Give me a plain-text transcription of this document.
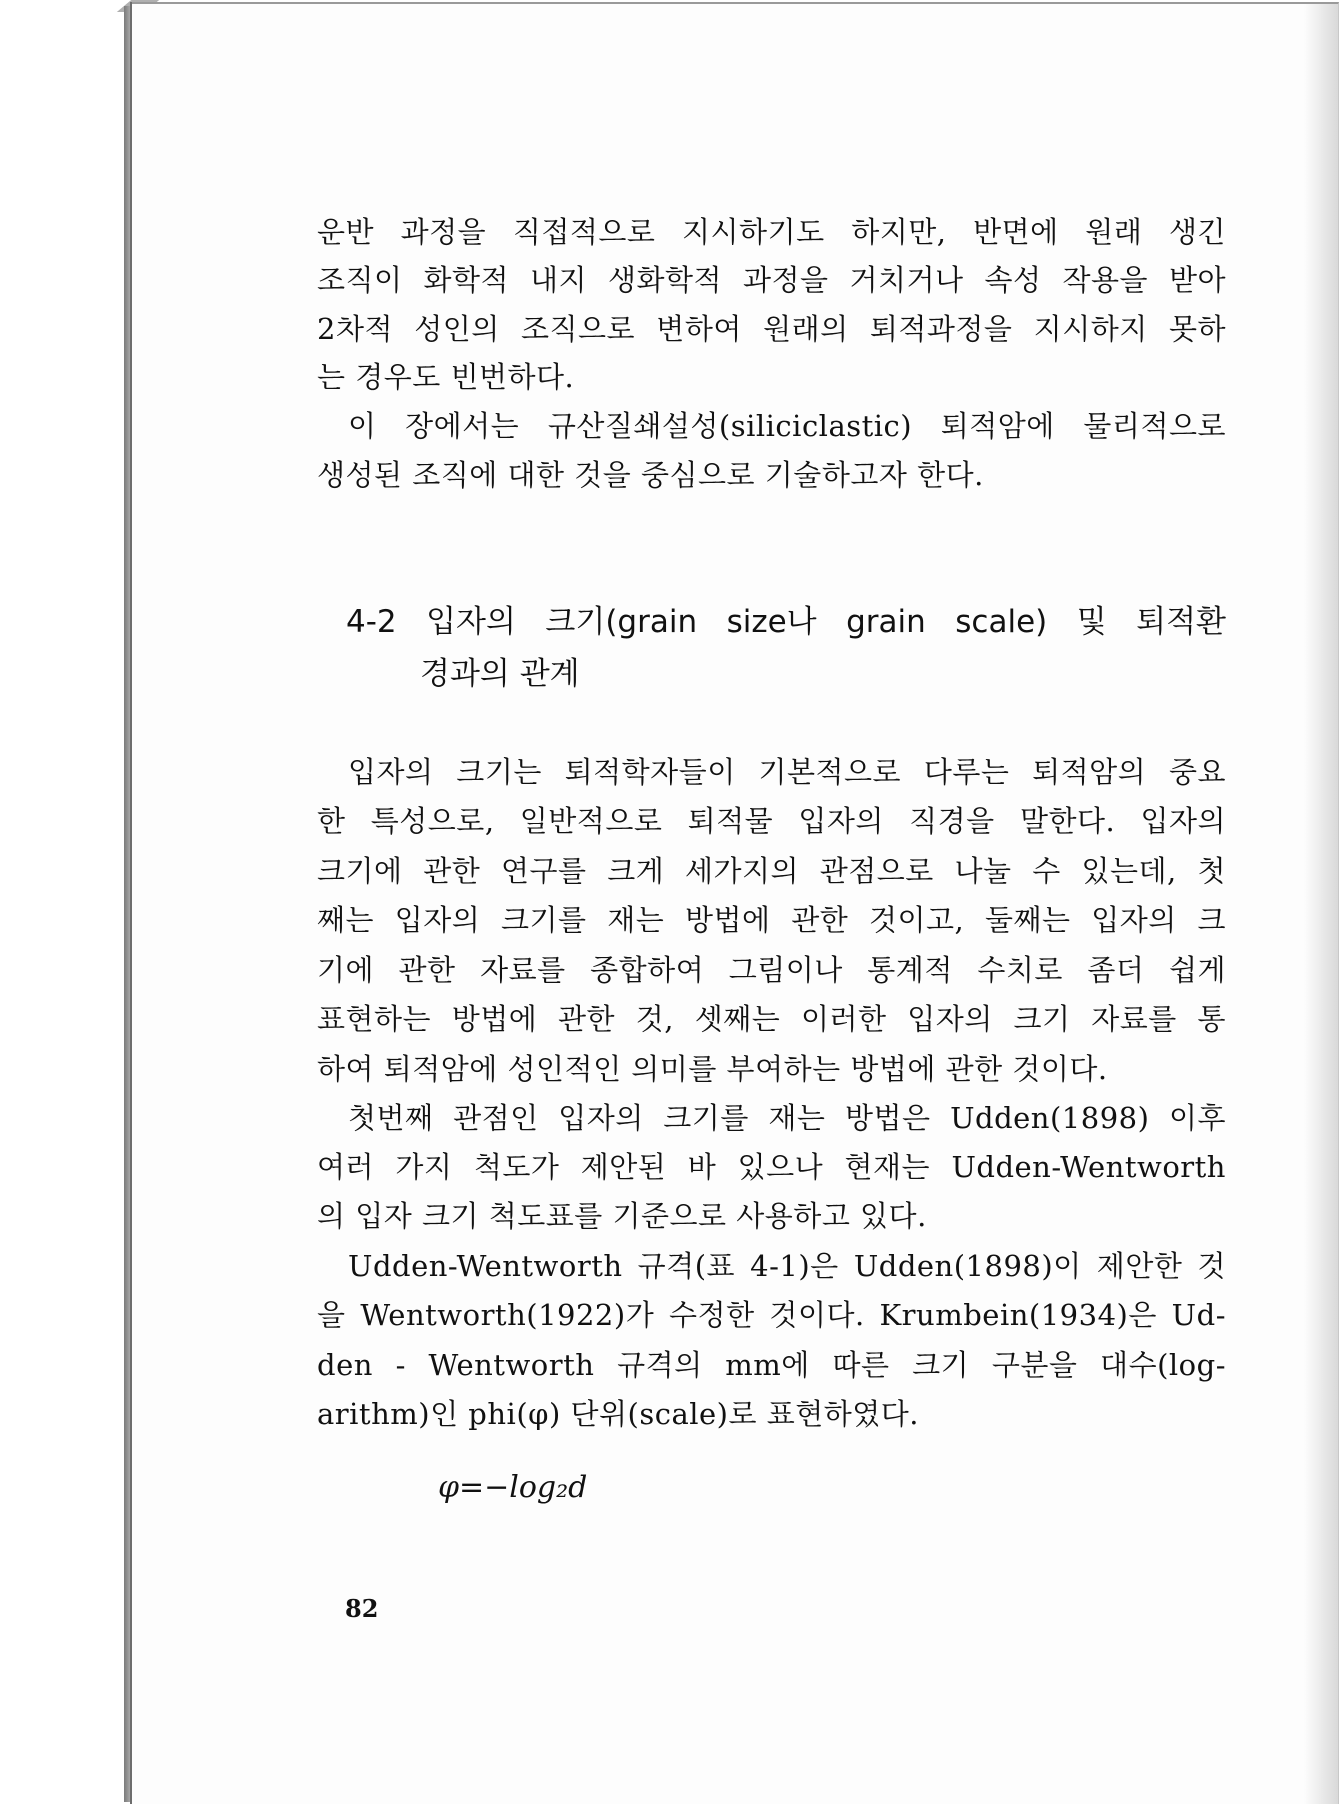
운반 과정을 직접적으로 지시하기도 하지만, 반면에 원래 생긴
조직이 화학적 내지 생화학적 과정을 거치거나 속성 작용을 받아
2차적 성인의 조직으로 변하여 원래의 퇴적과정을 지시하지 못하
는 경우도 빈번하다.
이 장에서는 규산질쇄설성(siliciclastic) 퇴적암에 물리적으로
생성된 조직에 대한 것을 중심으로 기술하고자 한다.
4-2 입자의 크기(grain size나 grain scale) 및 퇴적환
경과의 관계
입자의 크기는 퇴적학자들이 기본적으로 다루는 퇴적암의 중요
한 특성으로, 일반적으로 퇴적물 입자의 직경을 말한다. 입자의
크기에 관한 연구를 크게 세가지의 관점으로 나눌 수 있는데, 첫
째는 입자의 크기를 재는 방법에 관한 것이고, 둘째는 입자의 크
기에 관한 자료를 종합하여 그림이나 통계적 수치로 좀더 쉽게
표현하는 방법에 관한 것, 셋째는 이러한 입자의 크기 자료를 통
하여 퇴적암에 성인적인 의미를 부여하는 방법에 관한 것이다.
첫번째 관점인 입자의 크기를 재는 방법은 Udden(1898) 이후
여러 가지 척도가 제안된 바 있으나 현재는 Udden-Wentworth
의 입자 크기 척도표를 기준으로 사용하고 있다.
Udden-Wentworth 규격(표 4-1)은 Udden(1898)이 제안한 것
을 Wentworth(1922)가 수정한 것이다. Krumbein(1934)은 Ud-
den - Wentworth 규격의 mm에 따른 크기 구분을 대수(log-
arithm)인 phi(φ) 단위(scale)로 표현하였다.
φ=−log₂d
82
